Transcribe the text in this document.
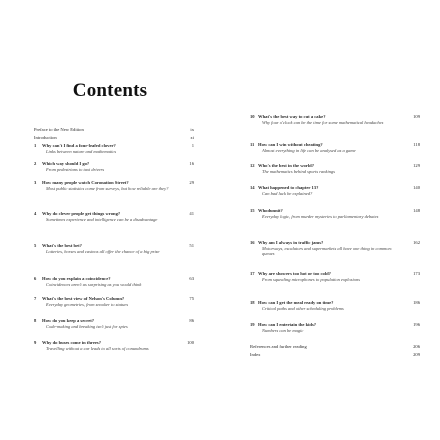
Contents
Preface to the New Edition	ix
Introduction	xi
1 Why can't I find a four-leafed clover?	1
Links between nature and mathematics
2 Which way should I go?	16
From pedestrians to taxi drivers
3 How many people watch Coronation Street?	29
Most public statistics come from surveys, but how reliable are they?
4 Why do clever people get things wrong?	41
Sometimes experience and intelligence can be a disadvantage
5 What's the best bet?	51
Lotteries, horses and casinos all offer the chance of a big prize
6 How do you explain a coincidence?	63
Coincidences aren't as surprising as you would think
7 What's the best view of Nelson's Column?	75
Everyday geometries, from snooker to statues
8 How do you keep a secret?	86
Code-making and breaking isn't just for spies
9 Why do buses come in threes?	100
Travelling without a car leads to all sorts of conundrums
10 What's the best way to cut a cake?	109
Why four o'clock can be the time for some mathematical headaches
11 How can I win without cheating?	118
Almost everything in life can be analysed as a game
12 Who's the best in the world?	129
The mathematics behind sports rankings
14 What happened to chapter 13?	140
Can bad luck be explained?
15 Whodunnit?	148
Everyday logic, from murder mysteries to parliamentary debates
16 Why am I always in traffic jams?	162
Motorways, escalators and supermarkets all have one thing in common: queues
17 Why are showers too hot or too cold?	173
From squealing microphones to population explosions
18 How can I get the meal ready on time?	186
Critical paths and other scheduling problems
19 How can I entertain the kids?	196
Numbers can be magic
References and further reading	206
Index	209
